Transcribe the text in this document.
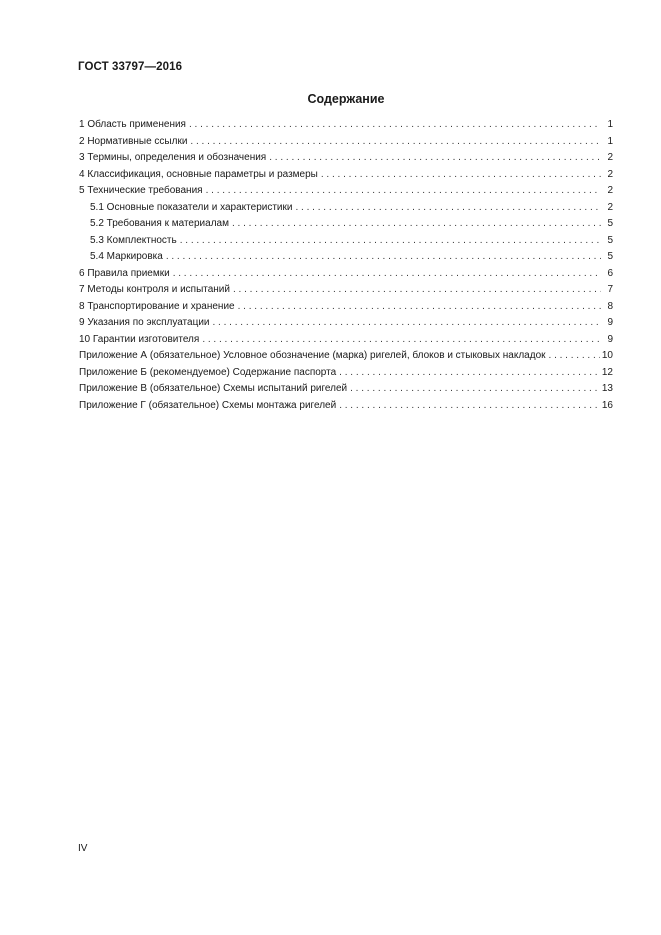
ГОСТ 33797—2016
Содержание
1 Область применения . . .	1
2 Нормативные ссылки . . .	1
3 Термины, определения и обозначения . . .	2
4 Классификация, основные параметры и размеры . . .	2
5 Технические требования . . .	2
5.1 Основные показатели и характеристики . . .	2
5.2 Требования к материалам . . .	5
5.3 Комплектность . . .	5
5.4 Маркировка . . .	5
6 Правила приемки . . .	6
7 Методы контроля и испытаний . . .	7
8 Транспортирование и хранение . . .	8
9 Указания по эксплуатации . . .	9
10 Гарантии изготовителя . . .	9
Приложение А (обязательное) Условное обозначение (марка) ригелей, блоков и стыковых накладок . . .	10
Приложение Б (рекомендуемое) Содержание паспорта . . .	12
Приложение В (обязательное) Схемы испытаний ригелей . . .	13
Приложение Г (обязательное) Схемы монтажа ригелей . . .	16
IV
